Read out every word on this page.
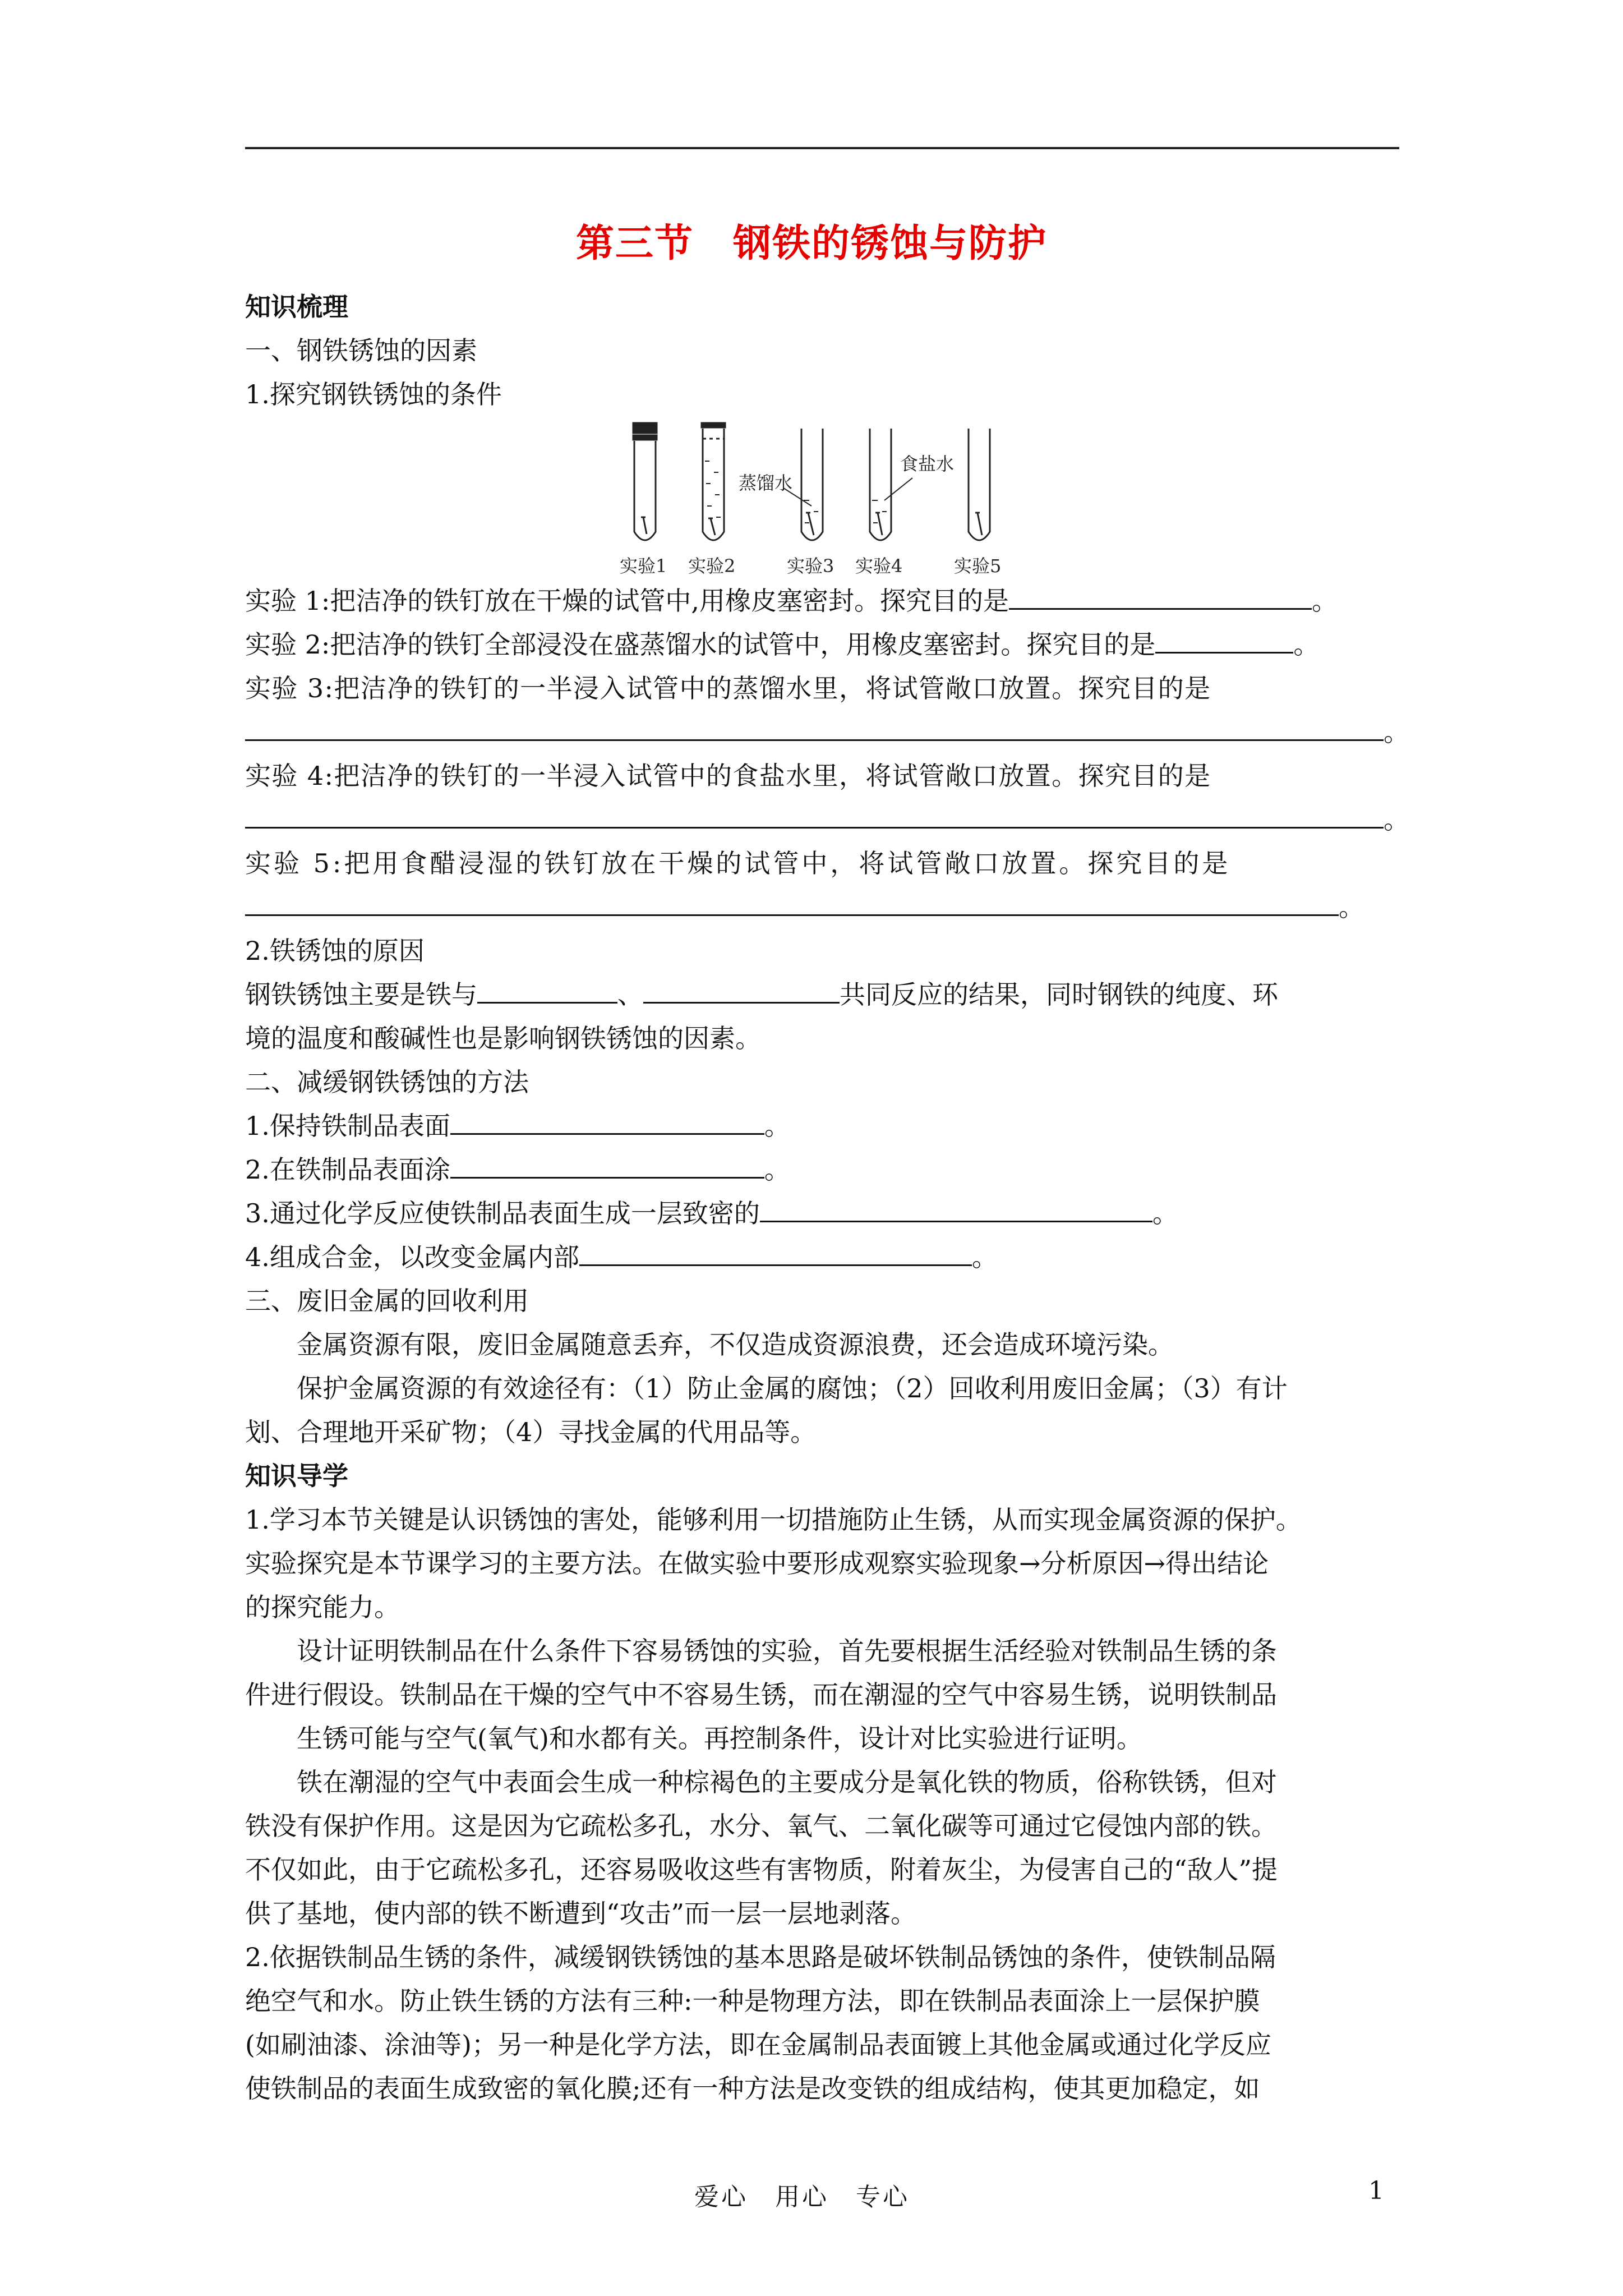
第三节　钢铁的锈蚀与防护
知识梳理
一、钢铁锈蚀的因素
1.探究钢铁锈蚀的条件
蒸馏水
食盐水
实验1 实验2	实验3 实验4	实验5
实验 1:把洁净的铁钉放在干燥的试管中,用橡皮塞密封。探究目的是	。
实验 2:把洁净的铁钉全部浸没在盛蒸馏水的试管中，用橡皮塞密封。探究目的是	。
实验 3:把洁净的铁钉的一半浸入试管中的蒸馏水里，将试管敞口放置。探究目的是
。
实验 4:把洁净的铁钉的一半浸入试管中的食盐水里，将试管敞口放置。探究目的是
。
实验 5:把用食醋浸湿的铁钉放在干燥的试管中，将试管敞口放置。探究目的是
。
2.铁锈蚀的原因
钢铁锈蚀主要是铁与	、	共同反应的结果，同时钢铁的纯度、环
境的温度和酸碱性也是影响钢铁锈蚀的因素。
二、减缓钢铁锈蚀的方法
1.保持铁制品表面	。
2.在铁制品表面涂	。
3.通过化学反应使铁制品表面生成一层致密的	。
4.组成合金，以改变金属内部	。
三、废旧金属的回收利用
金属资源有限，废旧金属随意丢弃，不仅造成资源浪费，还会造成环境污染。
保护金属资源的有效途径有：（1）防止金属的腐蚀；（2）回收利用废旧金属；（3）有计
划、合理地开采矿物；（4）寻找金属的代用品等。
知识导学
1.学习本节关键是认识锈蚀的害处，能够利用一切措施防止生锈，从而实现金属资源的保护。
实验探究是本节课学习的主要方法。在做实验中要形成观察实验现象→分析原因→得出结论
的探究能力。
设计证明铁制品在什么条件下容易锈蚀的实验，首先要根据生活经验对铁制品生锈的条
件进行假设。铁制品在干燥的空气中不容易生锈，而在潮湿的空气中容易生锈，说明铁制品
生锈可能与空气(氧气)和水都有关。再控制条件，设计对比实验进行证明。
铁在潮湿的空气中表面会生成一种棕褐色的主要成分是氧化铁的物质，俗称铁锈，但对
铁没有保护作用。这是因为它疏松多孔，水分、氧气、二氧化碳等可通过它侵蚀内部的铁。
不仅如此，由于它疏松多孔，还容易吸收这些有害物质，附着灰尘，为侵害自己的“敌人”提
供了基地，使内部的铁不断遭到“攻击”而一层一层地剥落。
2.依据铁制品生锈的条件，减缓钢铁锈蚀的基本思路是破坏铁制品锈蚀的条件，使铁制品隔
绝空气和水。防止铁生锈的方法有三种:一种是物理方法，即在铁制品表面涂上一层保护膜
(如刷油漆、涂油等)；另一种是化学方法，即在金属制品表面镀上其他金属或通过化学反应
使铁制品的表面生成致密的氧化膜;还有一种方法是改变铁的组成结构，使其更加稳定，如
爱心　用心　专心	1
